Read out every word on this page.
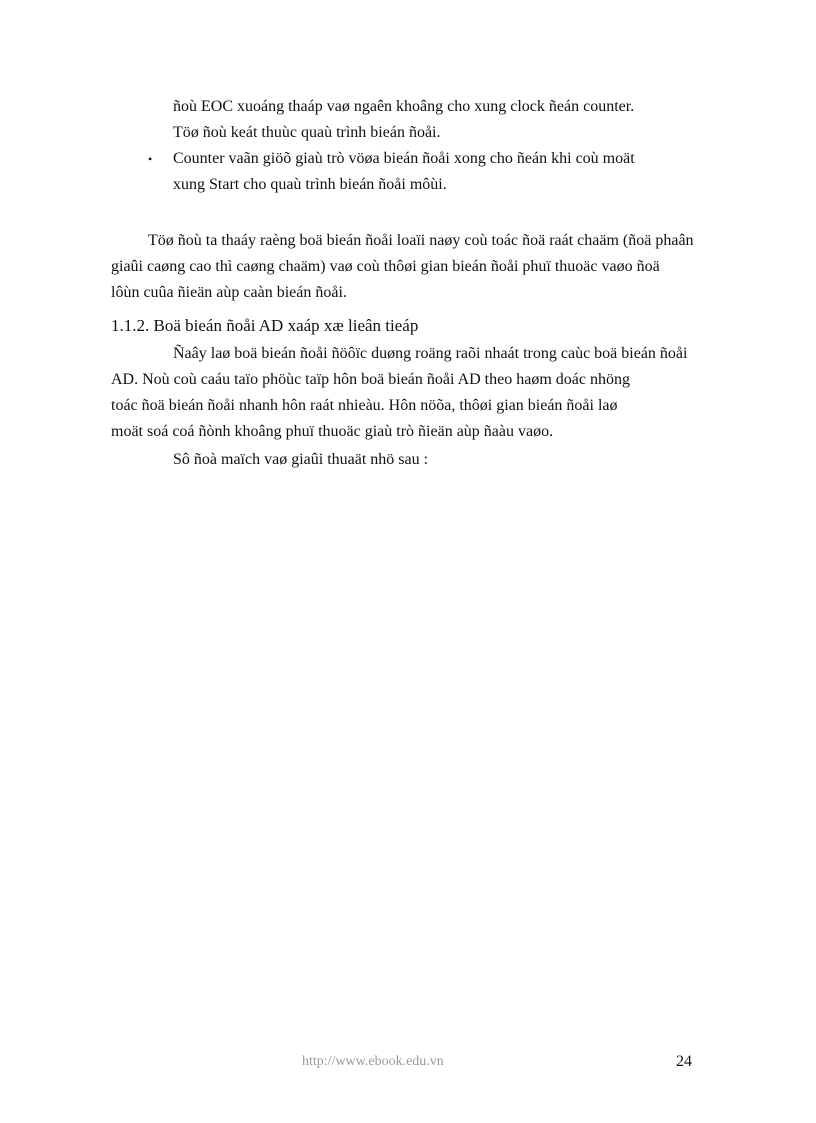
ñoù EOC xuoáng thaáp vaø ngaên khoâng cho xung clock ñeán counter.
Töø ñoù keát thuùc quaù trình bieán ñoåi.
• Counter vaãn giöõ giaù trò vöøa bieán ñoåi xong cho ñeán khi coù moät
xung Start cho quaù trình bieán ñoåi môùi.
Töø ñoù ta thaáy raèng boä bieán ñoåi loaïi naøy coù toác ñoä raát chaäm (ñoä phaân
giaûi caøng cao thì caøng chaäm) vaø coù thôøi gian bieán ñoåi phuï thuoäc vaøo ñoä
lôùn cuûa ñieän aùp caàn bieán ñoåi.
1.1.2. Boä bieán ñoåi AD xaáp xæ lieân tieáp
Ñaây laø boä bieán ñoåi ñöôïc duøng roäng raõi nhaát trong caùc boä bieán ñoåi
AD. Noù coù caáu taïo phöùc taïp hôn boä bieán ñoåi AD theo haøm doác nhöng
toác ñoä bieán ñoåi nhanh hôn raát nhieàu. Hôn nöõa, thôøi gian bieán ñoåi laø
moät soá coá ñònh khoâng phuï thuoäc giaù trò ñieän aùp ñaàu vaøo.
Sô ñoà maïch vaø giaûi thuaät nhö sau :
http://www.ebook.edu.vn	24
